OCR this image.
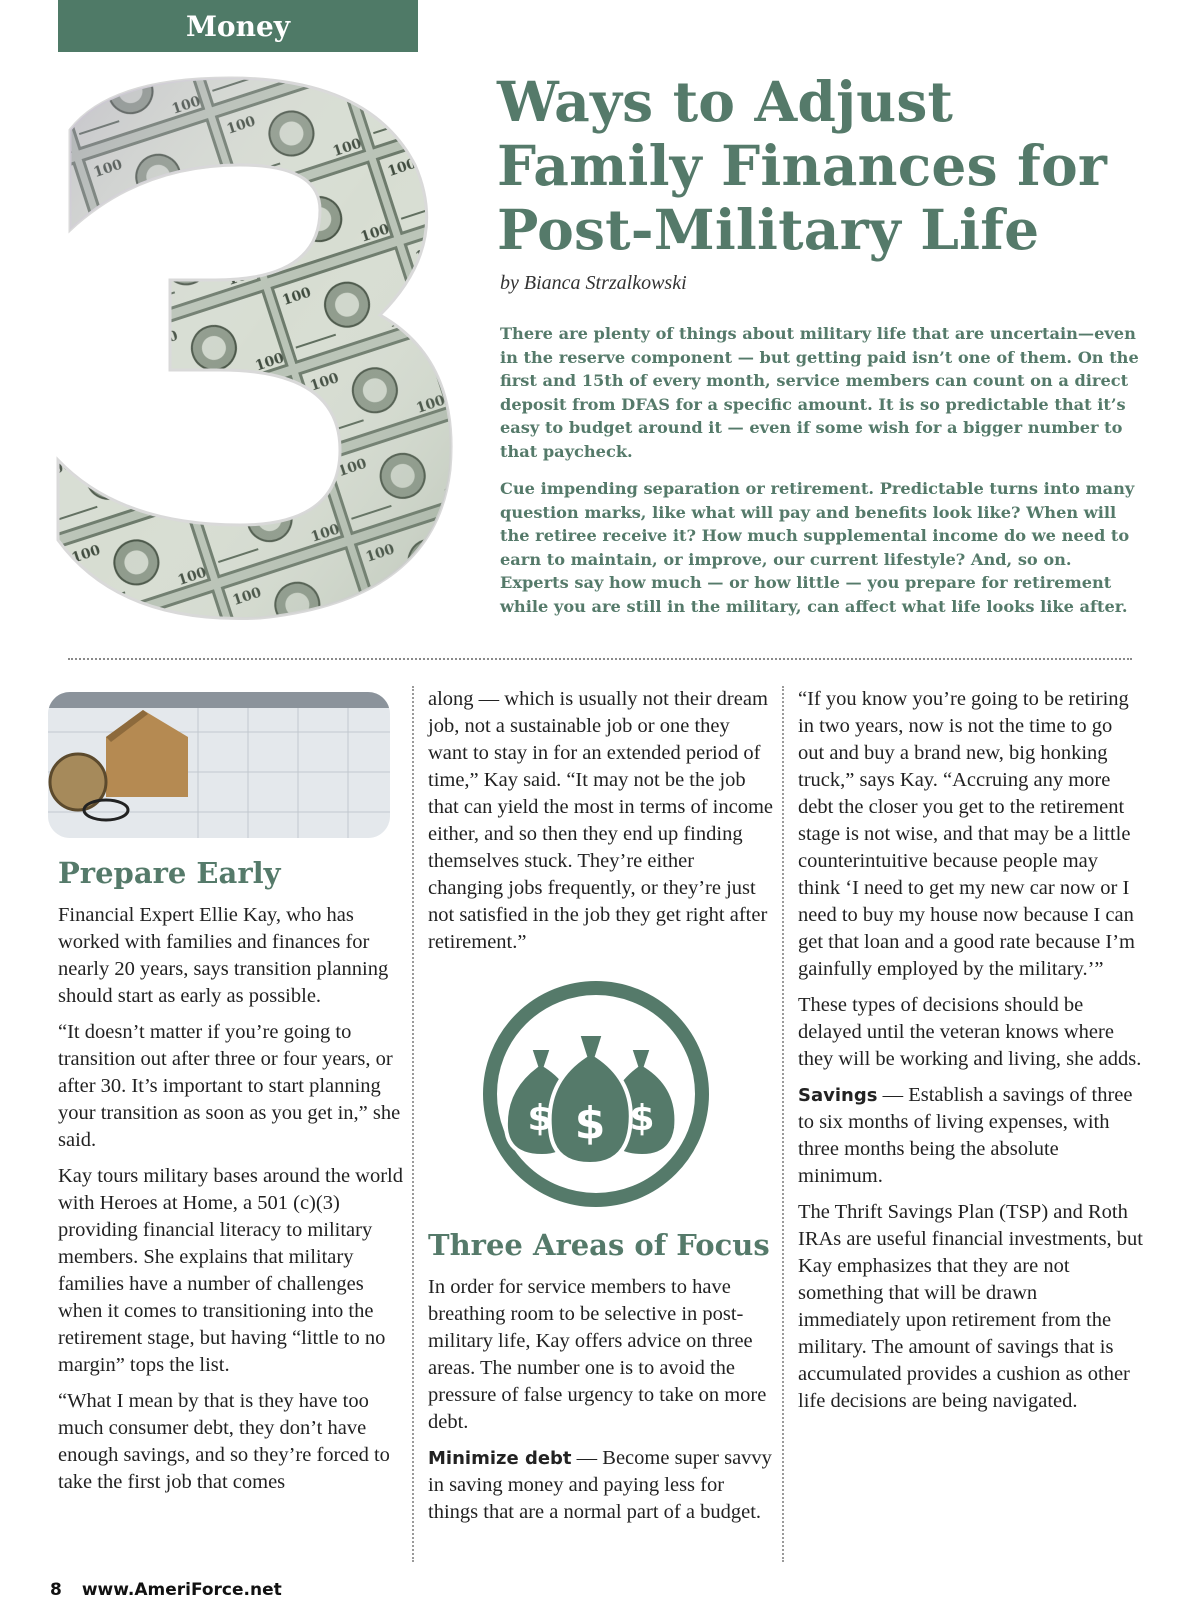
Money
Ways to Adjust Family Finances for Post-Military Life

by Bianca Strzalkowski

There are plenty of things about military life that are uncertain—even in the reserve component — but getting paid isn’t one of them. On the first and 15th of every month, service members can count on a direct deposit from DFAS for a specific amount. It is so predictable that it’s easy to budget around it — even if some wish for a bigger number to that paycheck.

Cue impending separation or retirement. Predictable turns into many question marks, like what will pay and benefits look like? When will the retiree receive it? How much supplemental income do we need to earn to maintain, or improve, our current lifestyle? And, so on. Experts say how much — or how little — you prepare for retirement while you are still in the military, can affect what life looks like after.

Prepare Early

Financial Expert Ellie Kay, who has worked with families and finances for nearly 20 years, says transition planning should start as early as possible.

“It doesn’t matter if you’re going to transition out after three or four years, or after 30. It’s important to start planning your transition as soon as you get in,” she said.

Kay tours military bases around the world with Heroes at Home, a 501 (c)(3) providing financial literacy to military members. She explains that military families have a number of challenges when it comes to transitioning into the retirement stage, but having “little to no margin” tops the list.

“What I mean by that is they have too much consumer debt, they don’t have enough savings, and so they’re forced to take the first job that comes

along — which is usually not their dream job, not a sustainable job or one they want to stay in for an extended period of time,” Kay said. “It may not be the job that can yield the most in terms of income either, and so then they end up finding themselves stuck. They’re either changing jobs frequently, or they’re just not satisfied in the job they get right after retirement.”

$ $
$
Three Areas of Focus

In order for service members to have breathing room to be selective in post-military life, Kay offers advice on three areas. The number one is to avoid the pressure of false urgency to take on more debt.

Minimize debt — Become super savvy in saving money and paying less for things that are a normal part of a budget.

“If you know you’re going to be retiring in two years, now is not the time to go out and buy a brand new, big honking truck,” says Kay. “Accruing any more debt the closer you get to the retirement stage is not wise, and that may be a little counterintuitive because people may think ‘I need to get my new car now or I need to buy my house now because I can get that loan and a good rate because I’m gainfully employed by the military.’”

These types of decisions should be delayed until the veteran knows where they will be working and living, she adds.

Savings — Establish a savings of three to six months of living expenses, with three months being the absolute minimum.

The Thrift Savings Plan (TSP) and Roth IRAs are useful financial investments, but Kay emphasizes that they are not something that will be drawn immediately upon retirement from the military. The amount of savings that is accumulated provides a cushion as other life decisions are being navigated.

8 www.AmeriForce.net
